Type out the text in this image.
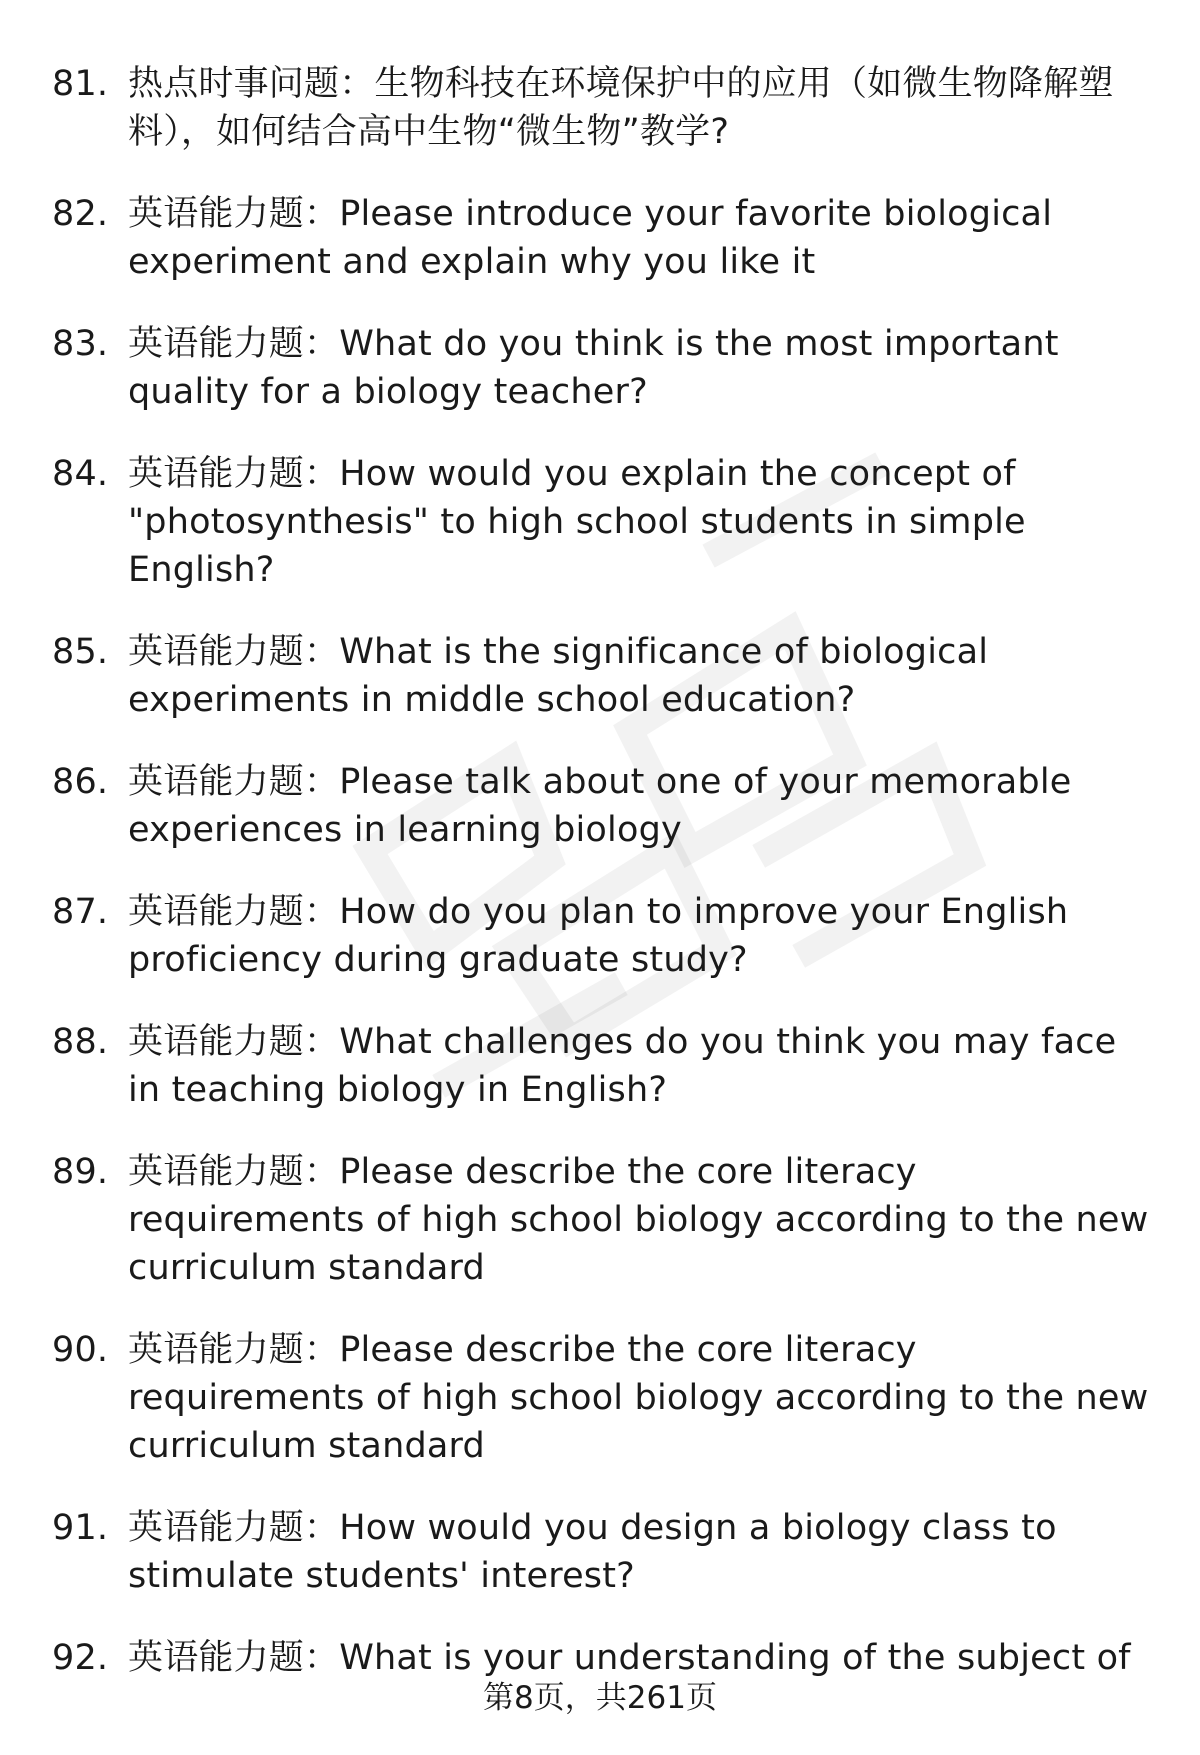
81. 热点时事问题：生物科技在环境保护中的应用（如微生物降解塑料），如何结合高中生物“微生物”教学?
82. 英语能力题：Please introduce your favorite biological experiment and explain why you like it
83. 英语能力题：What do you think is the most important quality for a biology teacher?
84. 英语能力题：How would you explain the concept of "photosynthesis" to high school students in simple English?
85. 英语能力题：What is the significance of biological experiments in middle school education?
86. 英语能力题：Please talk about one of your memorable experiences in learning biology
87. 英语能力题：How do you plan to improve your English proficiency during graduate study?
88. 英语能力题：What challenges do you think you may face in teaching biology in English?
89. 英语能力题：Please describe the core literacy requirements of high school biology according to the new curriculum standard
90. 英语能力题：Please describe the core literacy requirements of high school biology according to the new curriculum standard
91. 英语能力题：How would you design a biology class to stimulate students' interest?
92. 英语能力题：What is your understanding of the subject of
第8页，共261页
